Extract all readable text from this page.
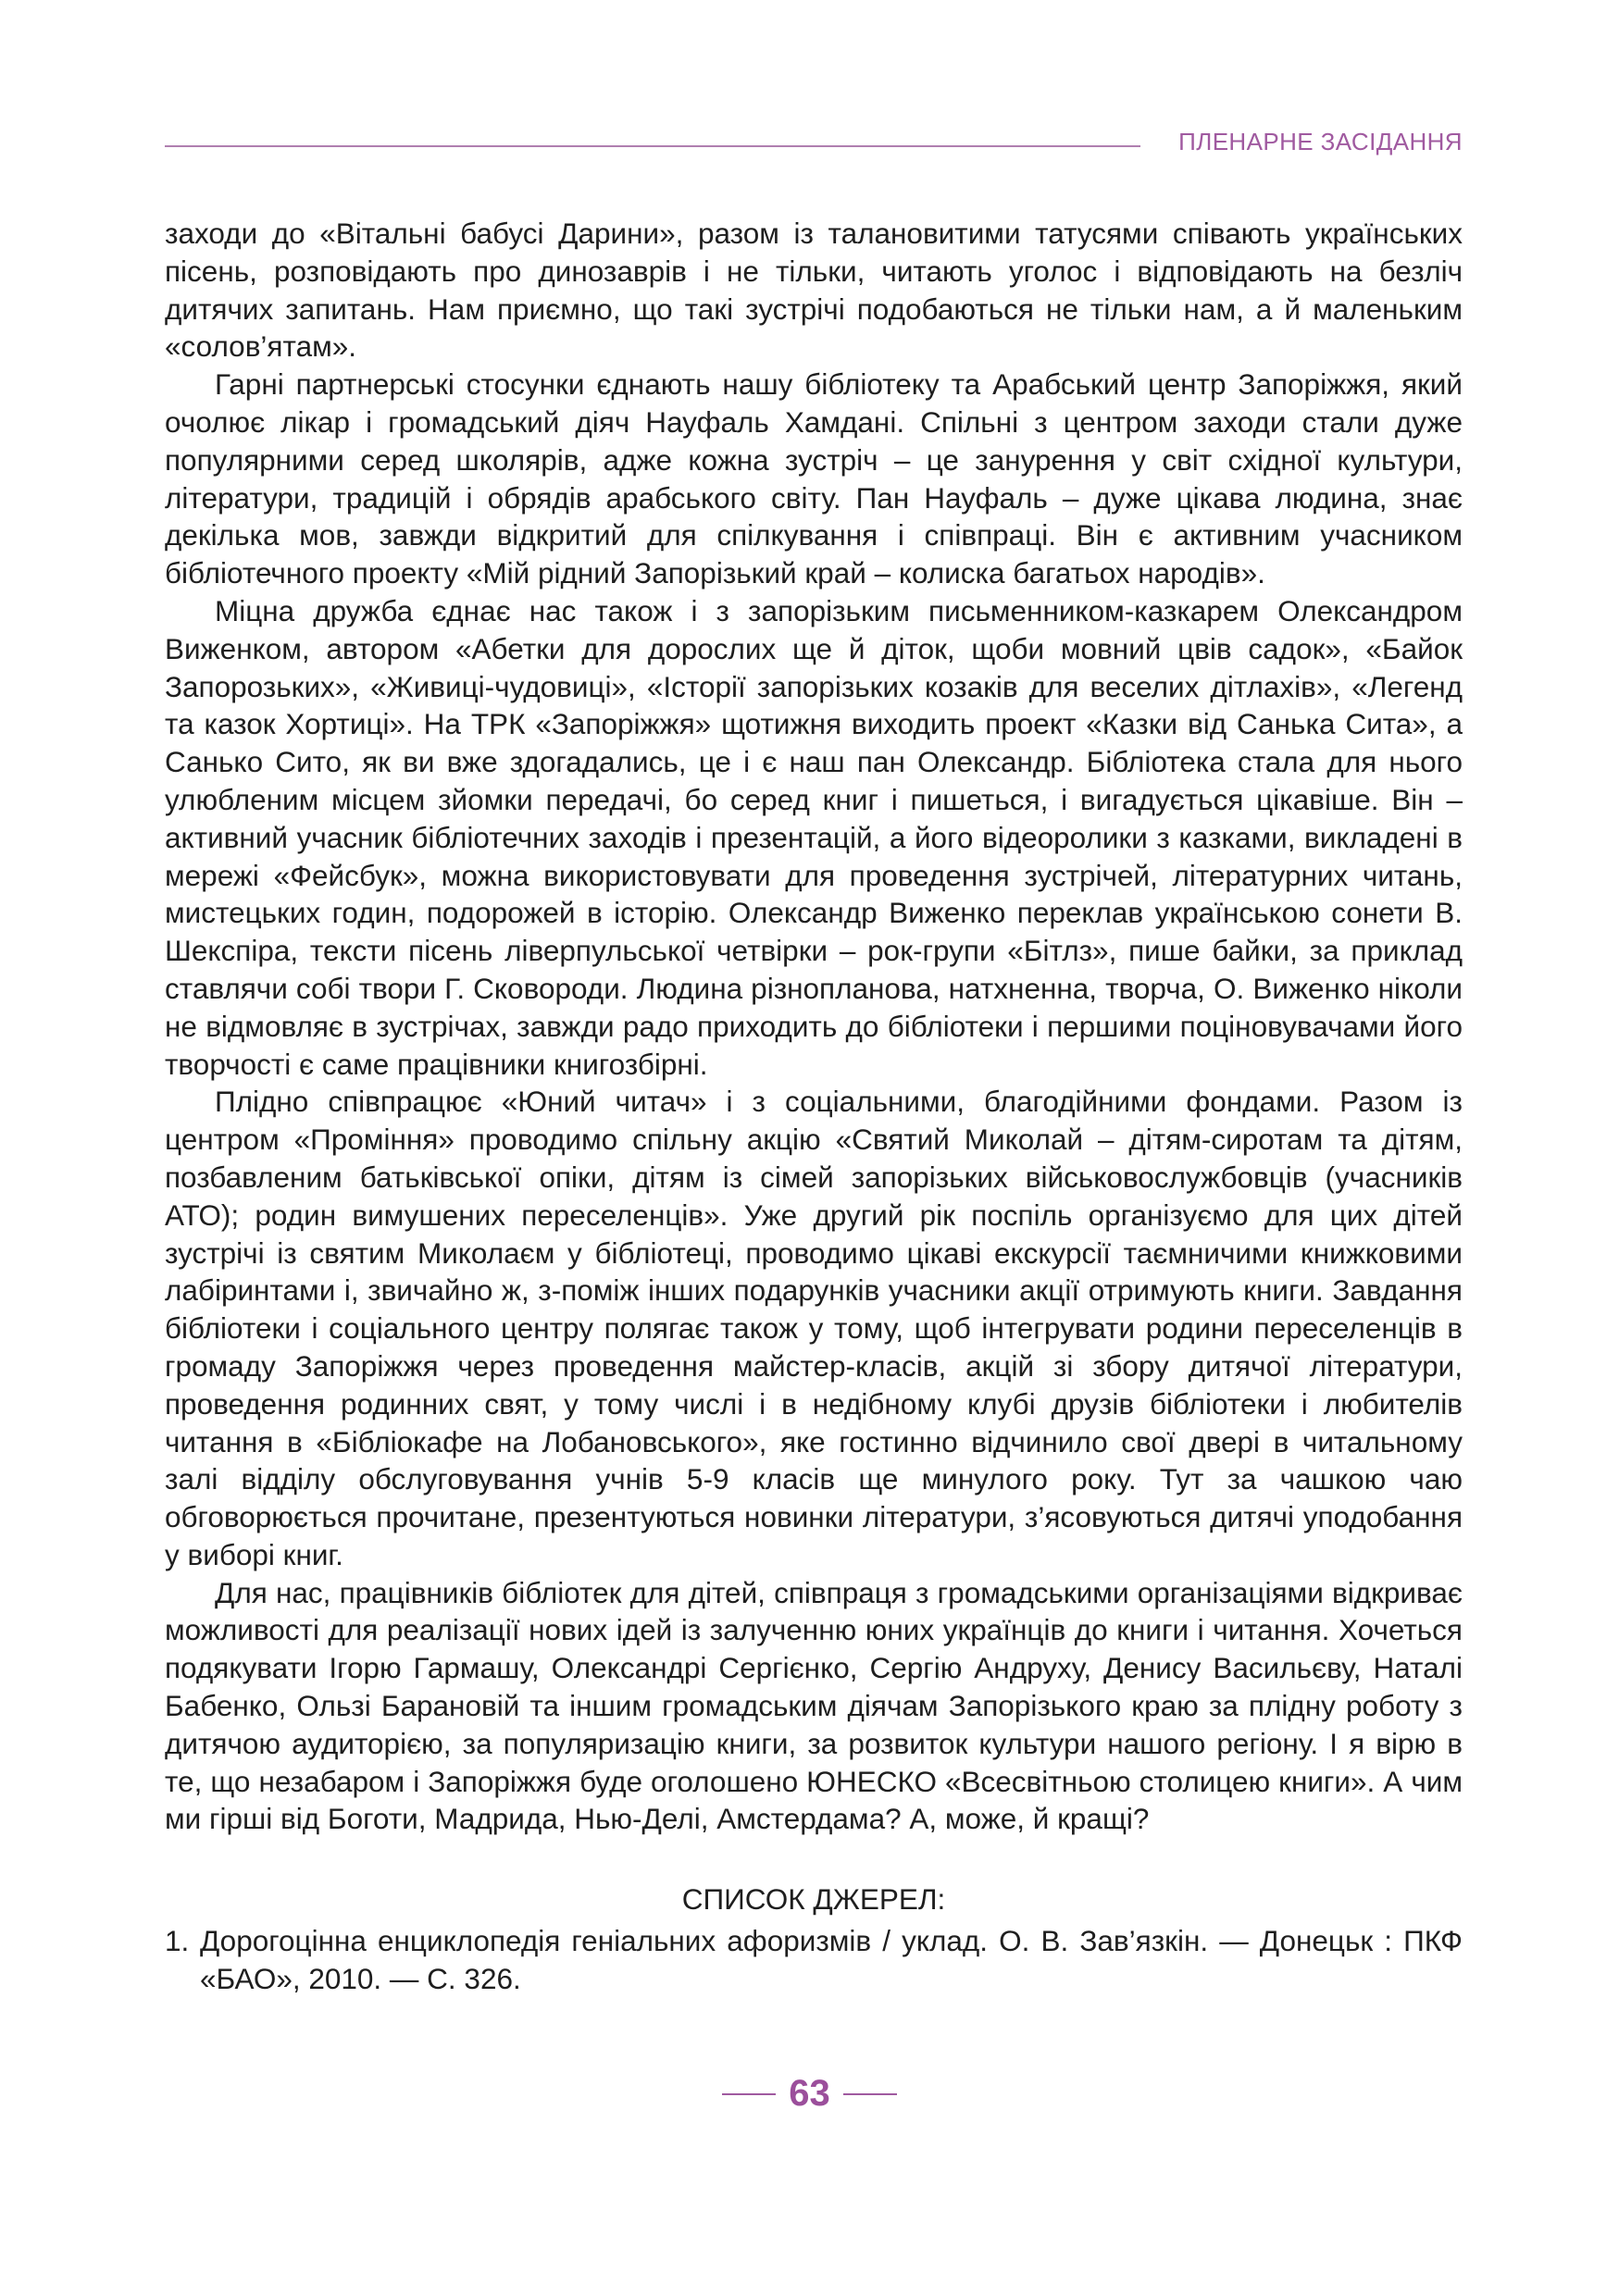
ПЛЕНАРНЕ ЗАСІДАННЯ

заходи до «Вітальні бабусі Дарини», разом із талановитими татусями співають українських пісень, розповідають про динозаврів і не тільки, читають уголос і відповідають на безліч дитячих запитань. Нам приємно, що такі зустрічі подобаються не тільки нам, а й маленьким «солов’ятам».

Гарні партнерські стосунки єднають нашу бібліотеку та Арабський центр Запоріжжя, який очолює лікар і громадський діяч Науфаль Хамдані. Спільні з центром заходи стали дуже популярними серед школярів, адже кожна зустріч – це занурення у світ східної культури, літератури, традицій і обрядів арабського світу. Пан Науфаль – дуже цікава людина, знає декілька мов, завжди відкритий для спілкування і співпраці. Він є активним учасником бібліотечного проекту «Мій рідний Запорізький край – колиска багатьох народів».

Міцна дружба єднає нас також і з запорізьким письменником-казкарем Олександром Виженком, автором «Абетки для дорослих ще й діток, щоби мовний цвів садок», «Байок Запорозьких», «Живиці-чудовиці», «Історії запорізьких козаків для веселих дітлахів», «Легенд та казок Хортиці». На ТРК «Запоріжжя» щотижня виходить проект «Казки від Санька Сита», а Санько Сито, як ви вже здогадались, це і є наш пан Олександр. Бібліотека стала для нього улюбленим місцем зйомки передачі, бо серед книг і пишеться, і вигадується цікавіше. Він – активний учасник бібліотечних заходів і презентацій, а його відеоролики з казками, викладені в мережі «Фейсбук», можна використовувати для проведення зустрічей, літературних читань, мистецьких годин, подорожей в історію. Олександр Виженко переклав українською сонети В. Шекспіра, тексти пісень ліверпульської четвірки – рок-групи «Бітлз», пише байки, за приклад ставлячи собі твори Г. Сковороди. Людина різнопланова, натхненна, творча, О. Виженко ніколи не відмовляє в зустрічах, завжди радо приходить до бібліотеки і першими поціновувачами його творчості є саме працівники книгозбірні.

Плідно співпрацює «Юний читач» і з соціальними, благодійними фондами. Разом із центром «Проміння» проводимо спільну акцію «Святий Миколай – дітям-сиротам та дітям, позбавленим батьківської опіки, дітям із сімей запорізьких військовослужбовців (учасників АТО); родин вимушених переселенців». Уже другий рік поспіль організуємо для цих дітей зустрічі із святим Миколаєм у бібліотеці, проводимо цікаві екскурсії таємничими книжковими лабіринтами і, звичайно ж, з-поміж інших подарунків учасники акції отримують книги. Завдання бібліотеки і соціального центру полягає також у тому, щоб інтегрувати родини переселенців в громаду Запоріжжя через проведення майстер-класів, акцій зі збору дитячої літератури, проведення родинних свят, у тому числі і в недібному клубі друзів бібліотеки і любителів читання в «Бібліокафе на Лобановського», яке гостинно відчинило свої двері в читальному залі відділу обслуговування учнів 5-9 класів ще минулого року. Тут за чашкою чаю обговорюється прочитане, презентуються новинки літератури, з’ясовуються дитячі уподобання у виборі книг.

Для нас, працівників бібліотек для дітей, співпраця з громадськими організаціями відкриває можливості для реалізації нових ідей із залученню юних українців до книги і читання. Хочеться подякувати Ігорю Гармашу, Олександрі Сергієнко, Сергію Андруху, Денису Васильєву, Наталі Бабенко, Ользі Барановій та іншим громадським діячам Запорізького краю за плідну роботу з дитячою аудиторією, за популяризацію книги, за розвиток культури нашого регіону. І я вірю в те, що незабаром і Запоріжжя буде оголошено ЮНЕСКО «Всесвітньою столицею книги». А чим ми гірші від Боготи, Мадрида, Нью-Делі, Амстердама? А, може, й кращі?

СПИСОК ДЖЕРЕЛ:
1. Дорогоцінна енциклопедія геніальних афоризмів / уклад. О. В. Зав’язкін. — Донецьк : ПКФ «БАО», 2010. — С. 326.
63
